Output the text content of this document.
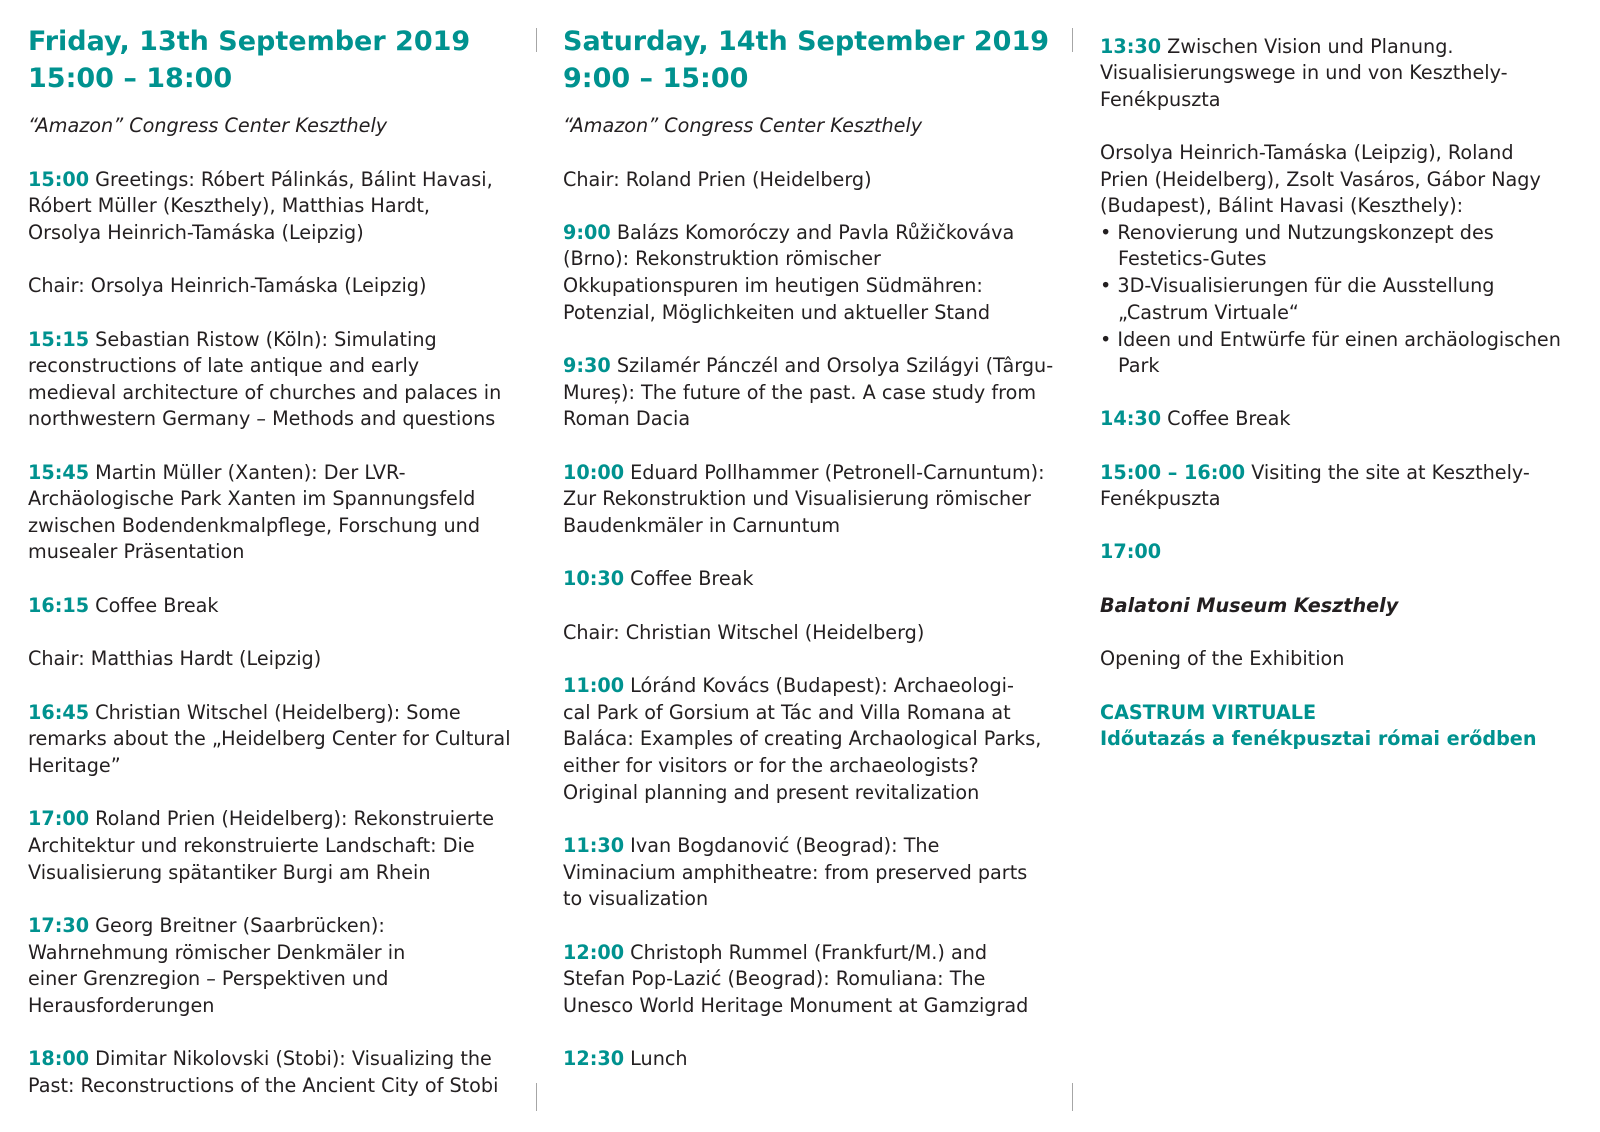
Friday, 13th September 2019
15:00 – 18:00
“Amazon” Congress Center Keszthely
15:00 Greetings: Róbert Pálinkás, Bálint Havasi,
Róbert Müller (Keszthely), Matthias Hardt,
Orsolya Heinrich-Tamáska (Leipzig)
Chair: Orsolya Heinrich-Tamáska (Leipzig)
15:15 Sebastian Ristow (Köln): Simulating
reconstructions of late antique and early
medieval architecture of churches and palaces in
northwestern Germany – Methods and questions
15:45 Martin Müller (Xanten): Der LVR-
Archäologische Park Xanten im Spannungsfeld
zwischen Bodendenkmalpflege, Forschung und
musealer Präsentation
16:15 Coffee Break
Chair: Matthias Hardt (Leipzig)
16:45 Christian Witschel (Heidelberg): Some
remarks about the „Heidelberg Center for Cultural
Heritage”
17:00 Roland Prien (Heidelberg): Rekonstruierte
Architektur und rekonstruierte Landschaft: Die
Visualisierung spätantiker Burgi am Rhein
17:30 Georg Breitner (Saarbrücken):
Wahrnehmung römischer Denkmäler in
einer Grenzregion – Perspektiven und
Herausforderungen
18:00 Dimitar Nikolovski (Stobi): Visualizing the
Past: Reconstructions of the Ancient City of Stobi
Saturday, 14th September 2019
9:00 – 15:00
“Amazon” Congress Center Keszthely
Chair: Roland Prien (Heidelberg)
9:00 Balázs Komoróczy and Pavla Růžičkováva
(Brno): Rekonstruktion römischer
Okkupationspuren im heutigen Südmähren:
Potenzial, Möglichkeiten und aktueller Stand
9:30 Szilamér Pánczél and Orsolya Szilágyi (Târgu-
Mureș): The future of the past. A case study from
Roman Dacia
10:00 Eduard Pollhammer (Petronell-Carnuntum):
Zur Rekonstruktion und Visualisierung römischer
Baudenkmäler in Carnuntum
10:30 Coffee Break
Chair: Christian Witschel (Heidelberg)
11:00 Lóránd Kovács (Budapest): Archaeologi-
cal Park of Gorsium at Tác and Villa Romana at
Baláca: Examples of creating Archaological Parks,
either for visitors or for the archaeologists?
Original planning and present revitalization
11:30 Ivan Bogdanović (Beograd): The
Viminacium amphitheatre: from preserved parts
to visualization
12:00 Christoph Rummel (Frankfurt/M.) and
Stefan Pop-Lazić (Beograd): Romuliana: The
Unesco World Heritage Monument at Gamzigrad
12:30 Lunch
13:30 Zwischen Vision und Planung.
Visualisierungswege in und von Keszthely-
Fenékpuszta
Orsolya Heinrich-Tamáska (Leipzig), Roland
Prien (Heidelberg), Zsolt Vasáros, Gábor Nagy
(Budapest), Bálint Havasi (Keszthely):
• Renovierung und Nutzungskonzept des
Festetics-Gutes
• 3D-Visualisierungen für die Ausstellung
„Castrum Virtuale“
• Ideen und Entwürfe für einen archäologischen
Park
14:30 Coffee Break
15:00 – 16:00 Visiting the site at Keszthely-
Fenékpuszta
17:00
Balatoni Museum Keszthely
Opening of the Exhibition
CASTRUM VIRTUALE
Időutazás a fenékpusztai római erődben
